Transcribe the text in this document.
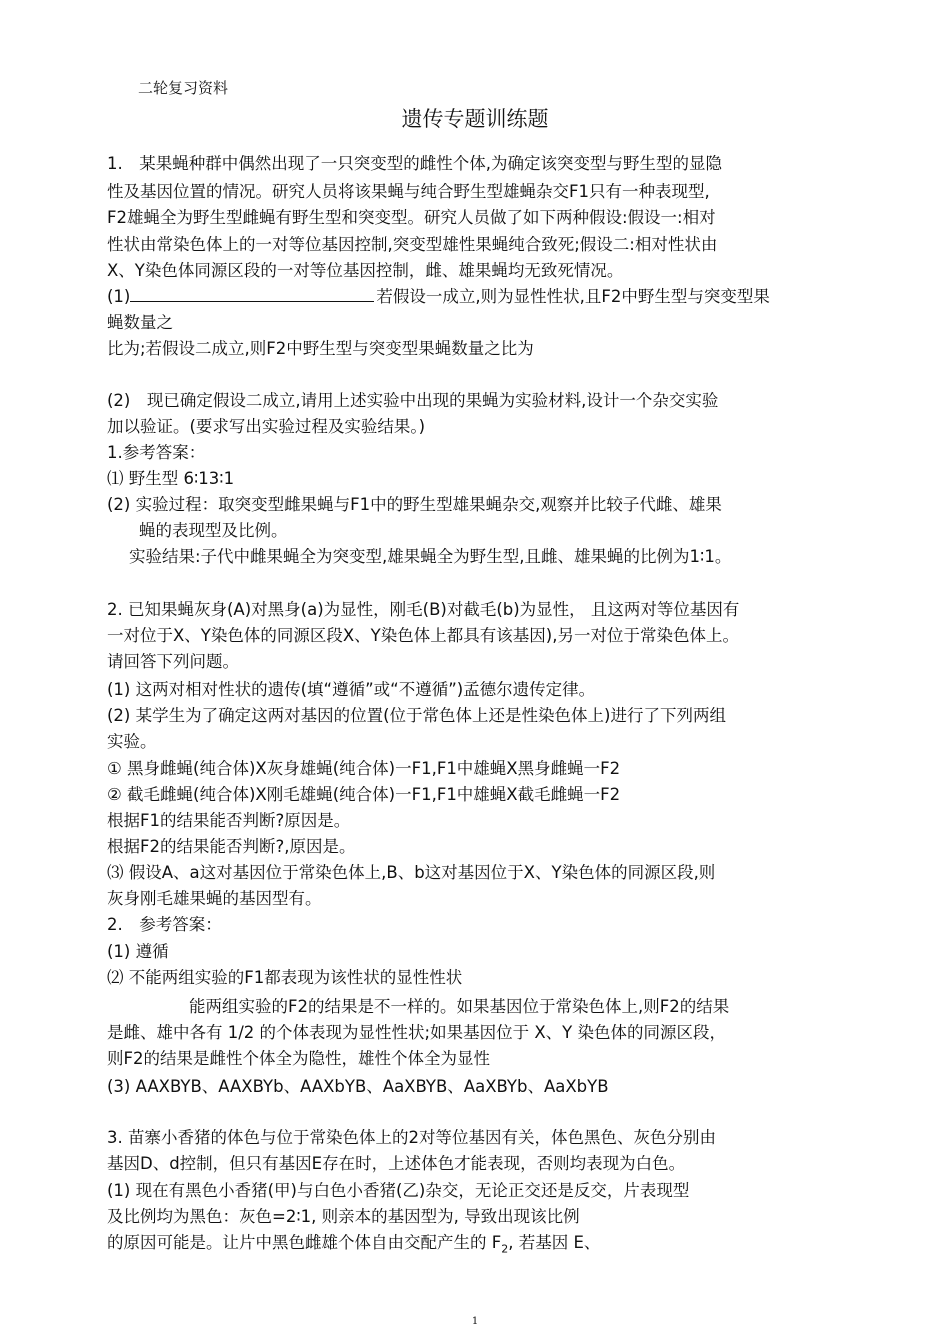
二轮复习资料
遗传专题训练题
1.　某果蝇种群中偶然出现了一只突变型的雌性个体,为确定该突变型与野生型的显隐
性及基因位置的情况。研究人员将该果蝇与纯合野生型雄蝇杂交F1只有一种表现型,
F2雄蝇全为野生型雌蝇有野生型和突变型。研究人员做了如下两种假设:假设一:相对
性状由常染色体上的一对等位基因控制,突变型雄性果蝇纯合致死;假设二:相对性状由
X、Y染色体同源区段的一对等位基因控制，雌、雄果蝇均无致死情况。
(1)	若假设一成立,则为显性性状,且F2中野生型与突变型果
蝇数量之
比为;若假设二成立,则F2中野生型与突变型果蝇数量之比为
(2)　现已确定假设二成立,请用上述实验中出现的果蝇为实验材料,设计一个杂交实验
加以验证。(要求写出实验过程及实验结果。)
1.参考答案：
⑴ 野生型 6∶13∶1
(2) 实验过程：取突变型雌果蝇与F1中的野生型雄果蝇杂交,观察并比较子代雌、雄果
蝇的表现型及比例。
实验结果:子代中雌果蝇全为突变型,雄果蝇全为野生型,且雌、雄果蝇的比例为1∶1。
2. 已知果蝇灰身(A)对黑身(a)为显性，刚毛(B)对截毛(b)为显性， 且这两对等位基因有
一对位于X、Y染色体的同源区段X、Y染色体上都具有该基因),另一对位于常染色体上。
请回答下列问题。
(1) 这两对相对性状的遗传(填“遵循”或“不遵循”)孟德尔遗传定律。
(2) 某学生为了确定这两对基因的位置(位于常色体上还是性染色体上)进行了下列两组
实验。
① 黑身雌蝇(纯合体)X灰身雄蝇(纯合体)一F1,F1中雄蝇X黑身雌蝇一F2
② 截毛雌蝇(纯合体)X刚毛雄蝇(纯合体)一F1,F1中雄蝇X截毛雌蝇一F2
根据F1的结果能否判断?原因是。
根据F2的结果能否判断?,原因是。
⑶ 假设A、a这对基因位于常染色体上,B、b这对基因位于X、Y染色体的同源区段,则
灰身刚毛雄果蝇的基因型有。
2.　参考答案：
(1) 遵循
⑵ 不能两组实验的F1都表现为该性状的显性性状
能两组实验的F2的结果是不一样的。如果基因位于常染色体上,则F2的结果
是雌、雄中各有 1/2 的个体表现为显性性状;如果基因位于 X、Y 染色体的同源区段，
则F2的结果是雌性个体全为隐性，雄性个体全为显性
(3) AAXBYB、AAXBYb、AAXbYB、AaXBYB、AaXBYb、AaXbYB
3. 苗寨小香猪的体色与位于常染色体上的2对等位基因有关，体色黑色、灰色分别由
基因D、d控制，但只有基因E存在时，上述体色才能表现，否则均表现为白色。
(1) 现在有黑色小香猪(甲)与白色小香猪(乙)杂交，无论正交还是反交，片表现型
及比例均为黑色：灰色=2∶1, 则亲本的基因型为, 导致出现该比例
的原因可能是。让片中黑色雌雄个体自由交配产生的 $F_2$, 若基因 E、
1
